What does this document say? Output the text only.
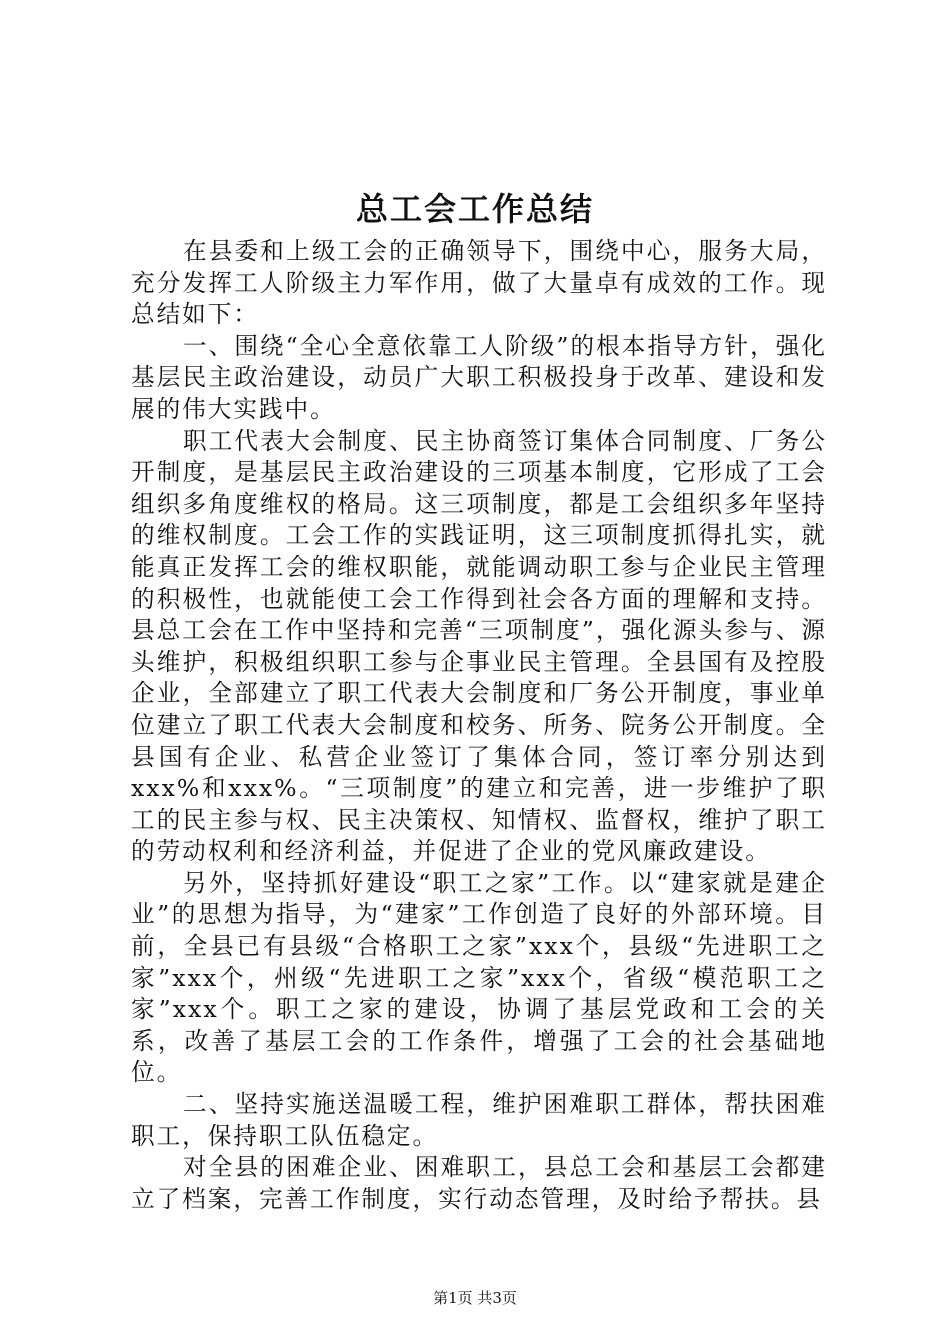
总工会工作总结

在县委和上级工会的正确领导下，围绕中心，服务大局，充分发挥工人阶级主力军作用，做了大量卓有成效的工作。现总结如下：

一、围绕“全心全意依靠工人阶级”的根本指导方针，强化基层民主政治建设，动员广大职工积极投身于改革、建设和发展的伟大实践中。

职工代表大会制度、民主协商签订集体合同制度、厂务公开制度，是基层民主政治建设的三项基本制度，它形成了工会组织多角度维权的格局。这三项制度，都是工会组织多年坚持的维权制度。工会工作的实践证明，这三项制度抓得扎实，就能真正发挥工会的维权职能，就能调动职工参与企业民主管理的积极性，也就能使工会工作得到社会各方面的理解和支持。县总工会在工作中坚持和完善“三项制度”，强化源头参与、源头维护，积极组织职工参与企事业民主管理。全县国有及控股企业，全部建立了职工代表大会制度和厂务公开制度，事业单位建立了职工代表大会制度和校务、所务、院务公开制度。全县国有企业、私营企业签订了集体合同，签订率分别达到xxx%和xxx%。“三项制度”的建立和完善，进一步维护了职工的民主参与权、民主决策权、知情权、监督权，维护了职工的劳动权利和经济利益，并促进了企业的党风廉政建设。

另外，坚持抓好建设“职工之家”工作。以“建家就是建企业”的思想为指导，为“建家”工作创造了良好的外部环境。目前，全县已有县级“合格职工之家”xxx个，县级“先进职工之家”xxx个，州级“先进职工之家”xxx个，省级“模范职工之家”xxx个。职工之家的建设，协调了基层党政和工会的关系，改善了基层工会的工作条件，增强了工会的社会基础地位。

二、坚持实施送温暖工程，维护困难职工群体，帮扶困难职工，保持职工队伍稳定。

对全县的困难企业、困难职工，县总工会和基层工会都建立了档案，完善工作制度，实行动态管理，及时给予帮扶。县

第1页 共3页
